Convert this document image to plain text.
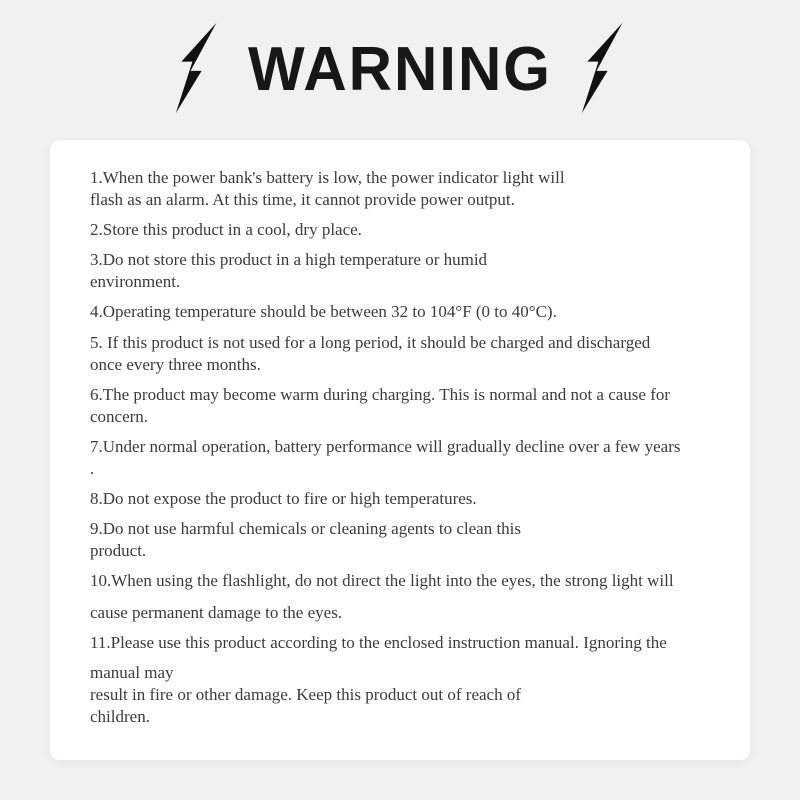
WARNING

1.When the power bank's battery is low, the power indicator light will
flash as an alarm. At this time, it cannot provide power output.

2.Store this product in a cool, dry place.

3.Do not store this product in a high temperature or humid
environment.

4.Operating temperature should be between 32 to 104°F (0 to 40°C).

5. If this product is not used for a long period, it should be charged and discharged
once every three months.

6.The product may become warm during charging. This is normal and not a cause for
concern.

7.Under normal operation, battery performance will gradually decline over a few years
.

8.Do not expose the product to fire or high temperatures.

9.Do not use harmful chemicals or cleaning agents to clean this
product.

10.When using the flashlight, do not direct the light into the eyes, the strong light will
cause permanent damage to the eyes.

11.Please use this product according to the enclosed instruction manual. Ignoring the
manual may
result in fire or other damage. Keep this product out of reach of
children.
